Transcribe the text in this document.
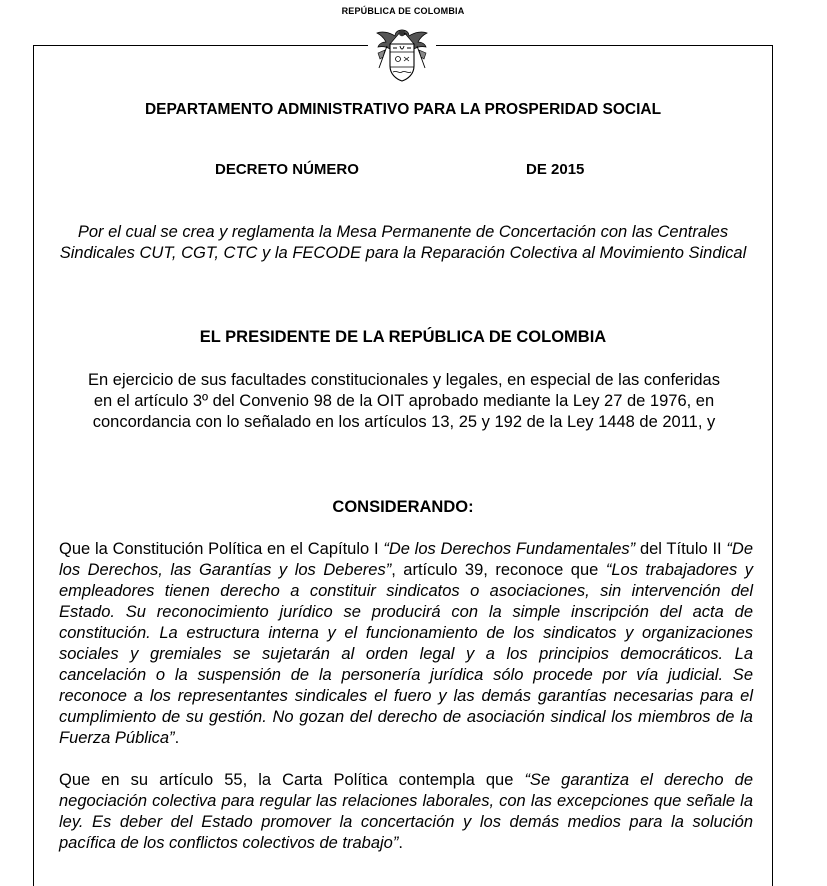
REPÚBLICA DE COLOMBIA
DEPARTAMENTO ADMINISTRATIVO PARA LA PROSPERIDAD SOCIAL
DECRETO NÚMERO	DE 2015
Por el cual se crea y reglamenta la Mesa Permanente de Concertación con las Centrales Sindicales CUT, CGT, CTC y la FECODE para la Reparación Colectiva al Movimiento Sindical
EL PRESIDENTE DE LA REPÚBLICA DE COLOMBIA
En ejercicio de sus facultades constitucionales y legales, en especial de las conferidas en el artículo 3º del Convenio 98 de la OIT aprobado mediante la Ley 27 de 1976, en concordancia con lo señalado en los artículos 13, 25 y 192 de la Ley 1448 de 2011, y
CONSIDERANDO:
Que la Constitución Política en el Capítulo I “De los Derechos Fundamentales” del Título II “De los Derechos, las Garantías y los Deberes”, artículo 39, reconoce que “Los trabajadores y empleadores tienen derecho a constituir sindicatos o asociaciones, sin intervención del Estado. Su reconocimiento jurídico se producirá con la simple inscripción del acta de constitución. La estructura interna y el funcionamiento de los sindicatos y organizaciones sociales y gremiales se sujetarán al orden legal y a los principios democráticos. La cancelación o la suspensión de la personería jurídica sólo procede por vía judicial. Se reconoce a los representantes sindicales el fuero y las demás garantías necesarias para el cumplimiento de su gestión. No gozan del derecho de asociación sindical los miembros de la Fuerza Pública”.
Que en su artículo 55, la Carta Política contempla que “Se garantiza el derecho de negociación colectiva para regular las relaciones laborales, con las excepciones que señale la ley. Es deber del Estado promover la concertación y los demás medios para la solución pacífica de los conflictos colectivos de trabajo”.
